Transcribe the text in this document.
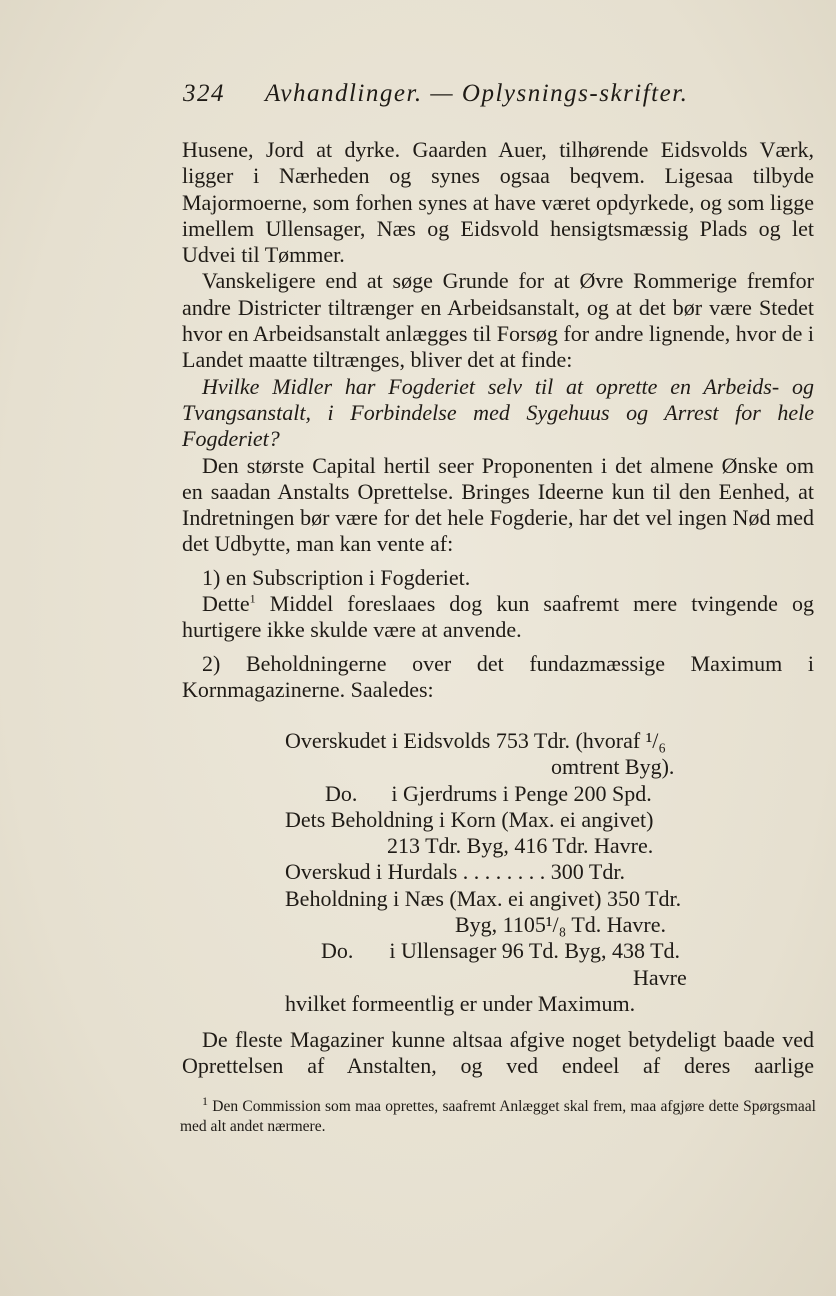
324 Avhandlinger. — Oplysnings-skrifter.

Husene, Jord at dyrke. Gaarden Auer, tilhørende Eidsvolds Værk, ligger i Nærheden og synes ogsaa beqvem. Ligesaa tilbyde Majormoerne, som forhen synes at have været opdyrkede, og som ligge imellem Ullensager, Næs og Eidsvold hensigtsmæssig Plads og let Udvei til Tømmer.

Vanskeligere end at søge Grunde for at Øvre Rommerige fremfor andre Districter tiltrænger en Arbeidsanstalt, og at det bør være Stedet hvor en Arbeidsanstalt anlægges til Forsøg for andre lignende, hvor de i Landet maatte tiltrænges, bliver det at finde:

Hvilke Midler har Fogderiet selv til at oprette en Arbeids- og Tvangsanstalt, i Forbindelse med Sygehuus og Arrest for hele Fogderiet?

Den største Capital hertil seer Proponenten i det almene Ønske om en saadan Anstalts Oprettelse. Bringes Ideerne kun til den Eenhed, at Indretningen bør være for det hele Fogderie, har det vel ingen Nød med det Udbytte, man kan vente af:

1) en Subscription i Fogderiet.

Dette$^1$ Middel foreslaaes dog kun saafremt mere tvingende og hurtigere ikke skulde være at anvende.

2) Beholdningerne over det fundazmæssige Maximum i Kornmagazinerne. Saaledes:

Overskudet i Eidsvolds 753 Tdr. (hvoraf ¹/₆
omtrent Byg).
Do. i Gjerdrums i Penge 200 Spd.
Dets Beholdning i Korn (Max. ei angivet)
213 Tdr. Byg, 416 Tdr. Havre.
Overskud i Hurdals . . . . . . . . 300 Tdr.
Beholdning i Næs (Max. ei angivet) 350 Tdr.
Byg, 1105¹/₈ Td. Havre.
Do. i Ullensager 96 Td. Byg, 438 Td.
Havre
hvilket formeentlig er under Maximum.

De fleste Magaziner kunne altsaa afgive noget betydeligt baade ved Oprettelsen af Anstalten, og ved endeel af deres aarlige

$^1$ Den Commission som maa oprettes, saafremt Anlægget skal frem, maa afgjøre dette Spørgsmaal med alt andet nærmere.
